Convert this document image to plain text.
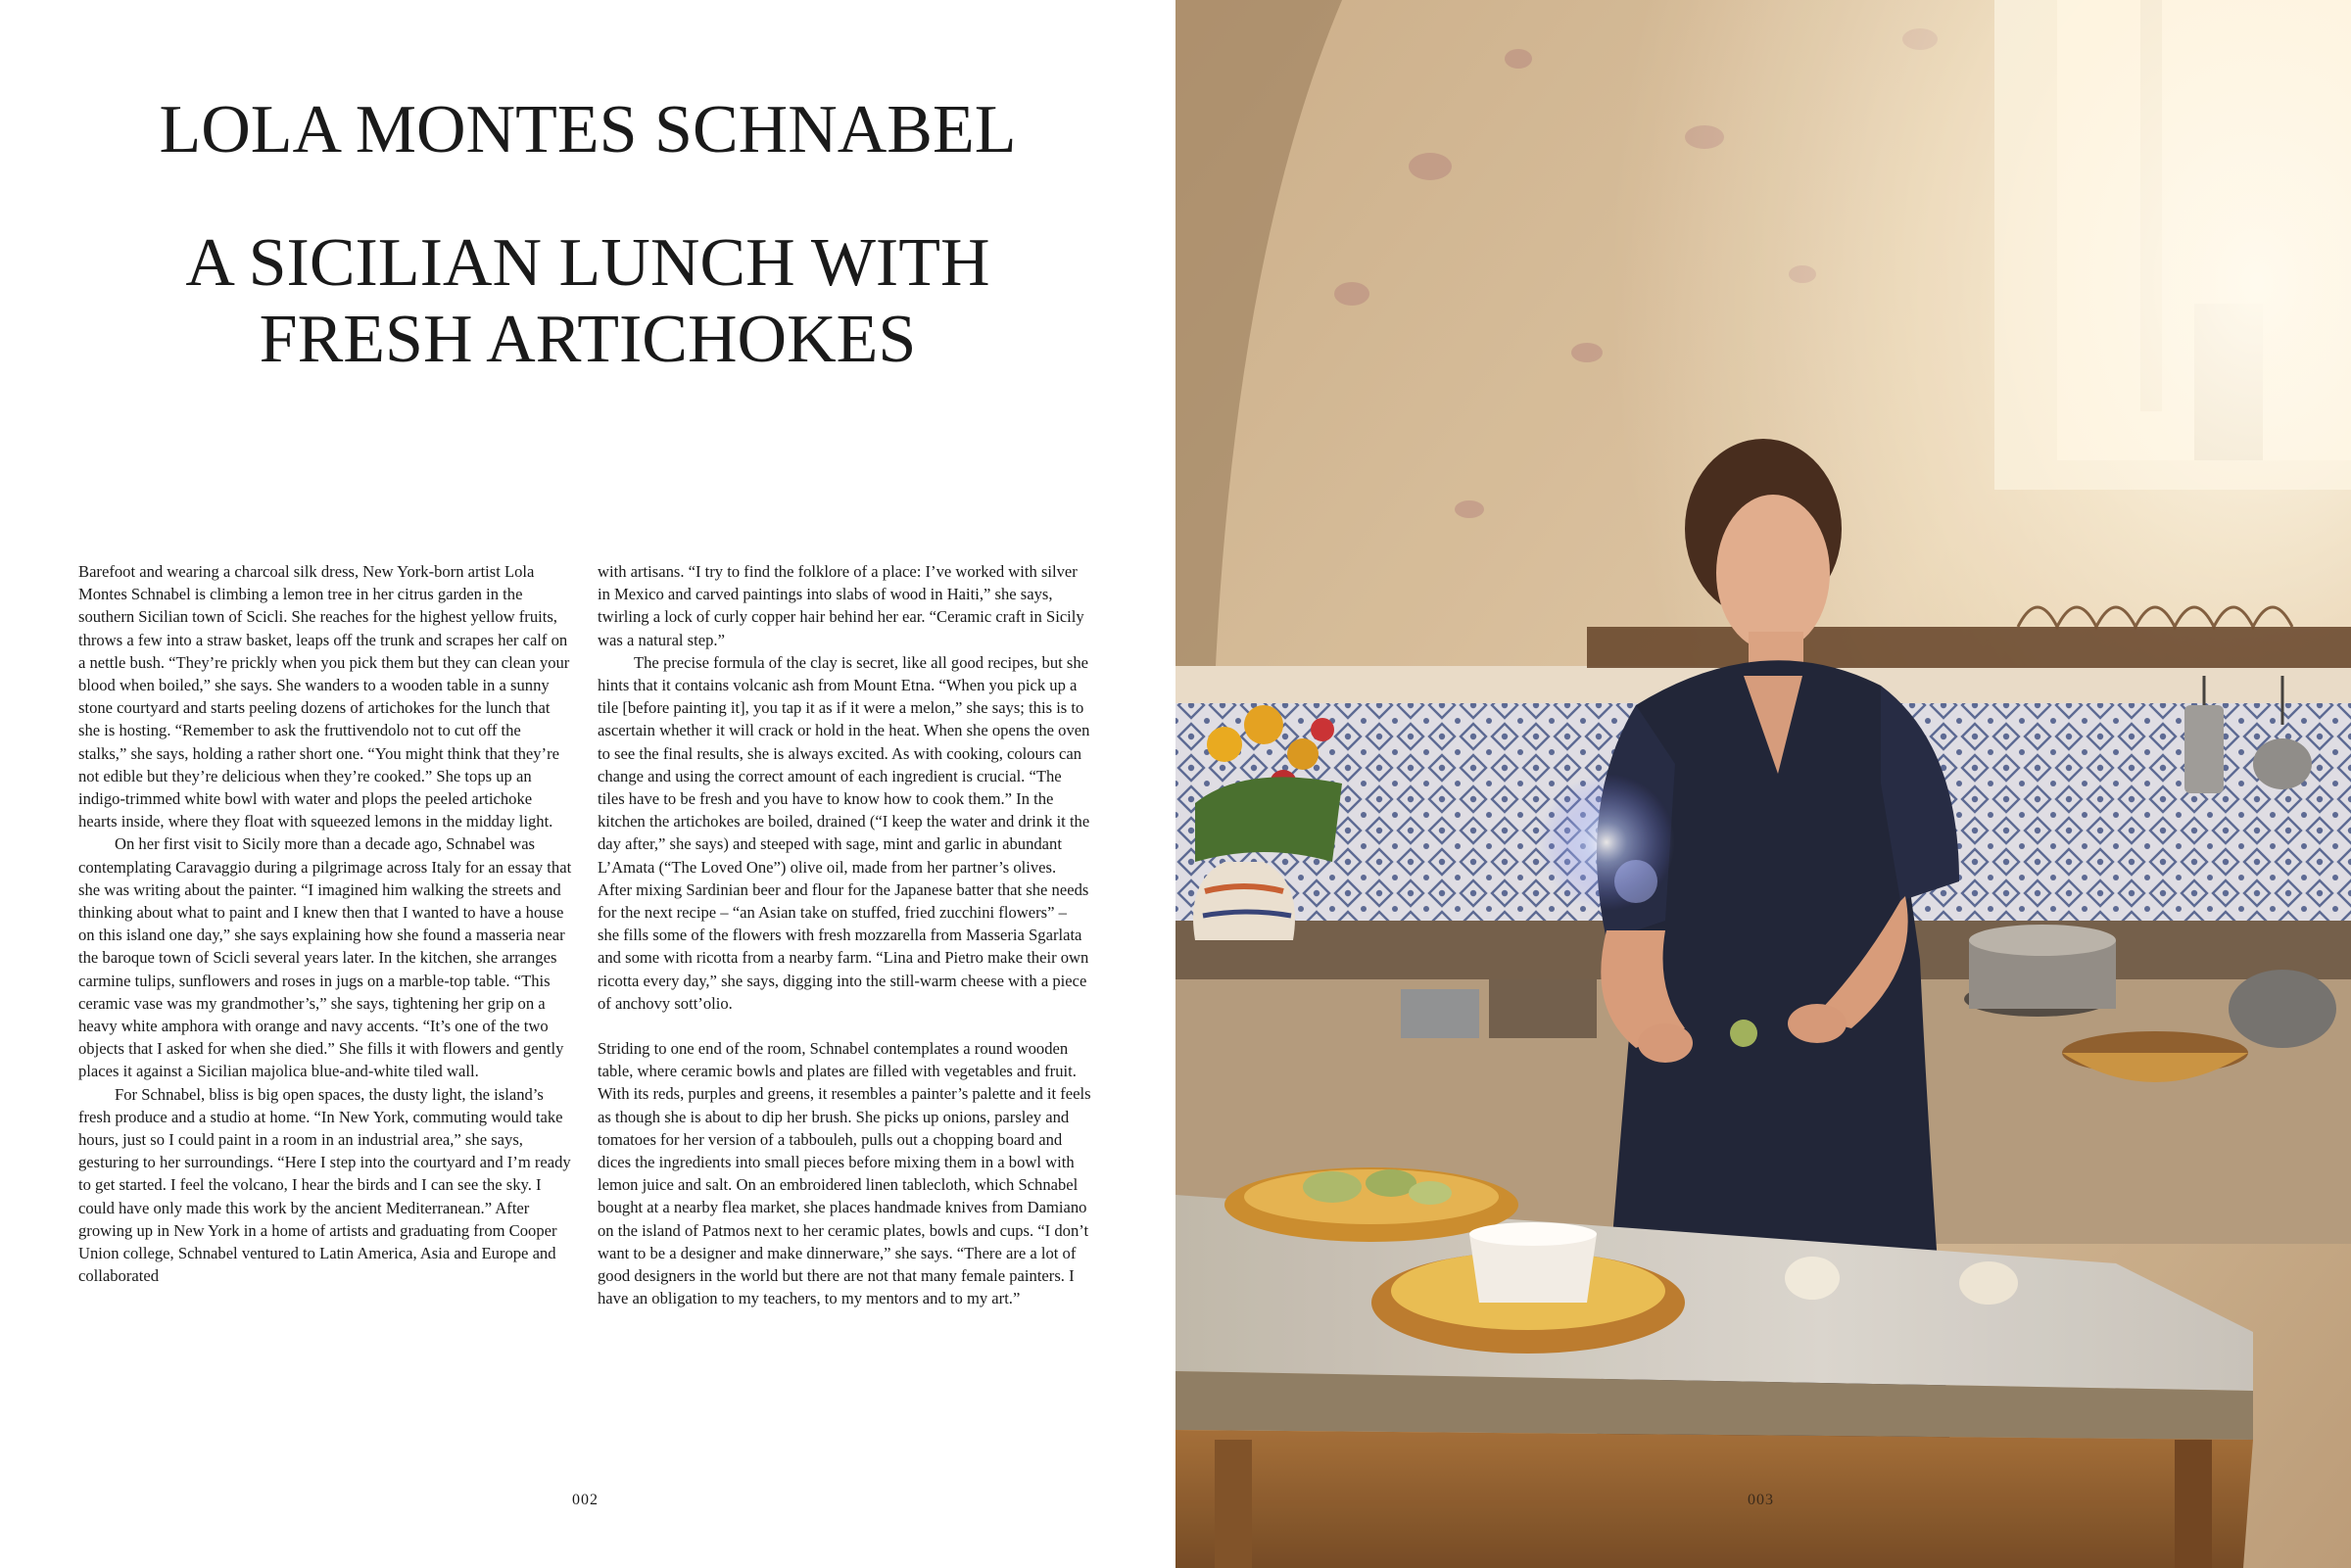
LOLA MONTES SCHNABEL
A SICILIAN LUNCH WITH
FRESH ARTICHOKES

Barefoot and wearing a charcoal silk dress, New York-born artist Lola Montes Schnabel is climbing a lemon tree in her citrus garden in the southern Sicilian town of Scicli. She reaches for the highest yellow fruits, throws a few into a straw basket, leaps off the trunk and scrapes her calf on a nettle bush. “They’re prickly when you pick them but they can clean your blood when boiled,” she says. She wanders to a wooden table in a sunny stone courtyard and starts peeling dozens of artichokes for the lunch that she is hosting. “Remember to ask the fruttivendolo not to cut off the stalks,” she says, holding a rather short one. “You might think that they’re not edible but they’re delicious when they’re cooked.” She tops up an indigo-trimmed white bowl with water and plops the peeled artichoke hearts inside, where they float with squeezed lemons in the midday light.

On her first visit to Sicily more than a decade ago, Schnabel was contemplating Caravaggio during a pilgrimage across Italy for an essay that she was writing about the painter. “I imagined him walking the streets and thinking about what to paint and I knew then that I wanted to have a house on this island one day,” she says explaining how she found a masseria near the baroque town of Scicli several years later. In the kitchen, she arranges carmine tulips, sunflowers and roses in jugs on a marble-top table. “This ceramic vase was my grandmother’s,” she says, tightening her grip on a heavy white amphora with orange and navy accents. “It’s one of the two objects that I asked for when she died.” She fills it with flowers and gently places it against a Sicilian majolica blue-and-white tiled wall.

For Schnabel, bliss is big open spaces, the dusty light, the island’s fresh produce and a studio at home. “In New York, commuting would take hours, just so I could paint in a room in an industrial area,” she says, gesturing to her surroundings. “Here I step into the courtyard and I’m ready to get started. I feel the volcano, I hear the birds and I can see the sky. I could have only made this work by the ancient Mediterranean.” After growing up in New York in a home of artists and graduating from Cooper Union college, Schnabel ventured to Latin America, Asia and Europe and collaborated

with artisans. “I try to find the folklore of a place: I’ve worked with silver in Mexico and carved paintings into slabs of wood in Haiti,” she says, twirling a lock of curly copper hair behind her ear. “Ceramic craft in Sicily was a natural step.”

The precise formula of the clay is secret, like all good recipes, but she hints that it contains volcanic ash from Mount Etna. “When you pick up a tile [before painting it], you tap it as if it were a melon,” she says; this is to ascertain whether it will crack or hold in the heat. When she opens the oven to see the final results, she is always excited. As with cooking, colours can change and using the correct amount of each ingredient is crucial. “The tiles have to be fresh and you have to know how to cook them.” In the kitchen the artichokes are boiled, drained (“I keep the water and drink it the day after,” she says) and steeped with sage, mint and garlic in abundant L’Amata (“The Loved One”) olive oil, made from her partner’s olives. After mixing Sardinian beer and flour for the Japanese batter that she needs for the next recipe – “an Asian take on stuffed, fried zucchini flowers” – she fills some of the flowers with fresh mozzarella from Masseria Sgarlata and some with ricotta from a nearby farm. “Lina and Pietro make their own ricotta every day,” she says, digging into the still-warm cheese with a piece of anchovy sott’olio.

Striding to one end of the room, Schnabel contemplates a round wooden table, where ceramic bowls and plates are filled with vegetables and fruit. With its reds, purples and greens, it resembles a painter’s palette and it feels as though she is about to dip her brush. She picks up onions, parsley and tomatoes for her version of a tabbouleh, pulls out a chopping board and dices the ingredients into small pieces before mixing them in a bowl with lemon juice and salt. On an embroidered linen tablecloth, which Schnabel bought at a nearby flea market, she places handmade knives from Damiano on the island of Patmos next to her ceramic plates, bowls and cups. “I don’t want to be a designer and make dinnerware,” she says. “There are a lot of good designers in the world but there are not that many female painters. I have an obligation to my teachers, to my mentors and to my art.”

002	003
